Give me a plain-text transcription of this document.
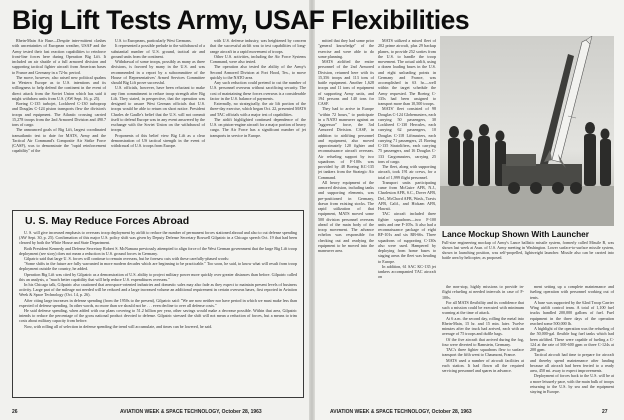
Big Lift Tests Army, USAF Flexibilities

Rhein-Main Air Base—Despite inter-mittent clashes with uncertainties of European weather, USAF and the Army tested their fast reaction capabilities to reinforce front-line forces here during Operation Big Lift. It included an air shuttle of a full armored division and supporting tactical fighter aircraft from American bases to France and Germany in a 72-hr. period.

The move, however, also raised new political qualms in Western Europe as to U.S. intentions and its willingness to help defend the continent in the event of direct attack from the Soviet Union which has said it might withdraw units from U.S. (AW Sept. 16, p. 25).

Boeing C-135 turbojet, Lockheed C-130 turboprop and Douglas C-124 piston transports flew the division's troops and equipment. The Atlantic crossing carried 15,278 troops from the 2nd Armored Division and 490.7 tons of cargo.

The announced goals of Big Lift, largest coordinated transatlantic test to date for MATS, Army and the Tactical Air Command's Composite Air Strike Force (CASF), was to demonstrate the "rapid reinforcement capability" of the

U.S. to Europeans, particularly West Germans.

It represented a possible prelude to the withdrawal of a substantial number of U.S. ground, tactical air and ground units from the continent.

Withdrawal of some troops, possibly as many as three divisions, is favored by many in the U.S. and was recommended in a report by a subcommittee of the House of Representatives' Armed Services Committee should Big Lift prove successful.

U.S. officials, however, have been reluctant to make any firm commitment to reduce troop strength after Big Lift. They stated, in perspective, that the operation was designed to assure West German officials that U.S. troops would be able to return on short notice. President Charles de Gaulle's belief that the U.S. will not commit itself to defend Europe was in any event answered by the exchange with the Soviet Union on the withdrawal of troops.

Proponents of this belief view Big Lift as a clear demonstration of US tactical strength in the event of withdrawal of U.S. troops from Europe.

with U.S. defense industry, was heightened by concern that the successful airlift was to test capabilities of long-range aircraft in a rapid movement of troops.

Other U.S. activities, including the Air Force Systems Command, were also tested.

The operation also tested the ability of the Army's Second Armored Division at Fort Hood, Tex., to move quickly to the NATO area.

Any such reduction could pretend to cut the number of U.S. personnel overseas without sacrificing security. The cost of maintaining these forces overseas is a considerable factor in the U.S. balance of payments.

Externally, no strategically, the air lift portion of the three-day exercise, which began Oct. 22, presented MATS and TAC officials with a major test of capabilities.

The airlift highlighted continued dependence of the U.S. on piston-engine aircraft for a major portion of heavy cargo. The Air Force has a significant number of jet transports in service in Europe.

U. S. May Reduce Forces Abroad

U. S. will give increased emphasis to overseas troop deployment by airlift to reduce the number of permanent forces stationed abroad and also to cut defense spending (AW Sept. 30, p. 25). Confirmation of this major U.S. policy shift was given by Deputy Defense Secretary Roswell Gilpatric in a Chicago speech Oct. 19 that had been cleared by both the White House and State Department.

Both President Kennedy and Defense Secretary Robert S. McNamara previously attempted to align force of the West German government that the large Big Lift troop deployment (see story) does not mean a reduction in U.S. ground forces in Germany.

Gilpatric said that large U. S. forces will continue to remain overseas, but he foresaw cuts with these carefully-phased words:

"Some shifts in the future are fully warranted in more modern decades which are beginning to be practicable." Too soon, he said, to know what will result from troop deployment outside the country, he added.

Operation Big Lift was cited by Gilpatric as a demonstration of U.S. ability to project military power more quickly over greater distances than before. Gilpatric called this an analysis, a "much better capability that will help reduce U.S. expenditures overseas."

In his Chicago talk, Gilpatric also cautioned that aerospace-oriented industries and domestic sales may also fade as they expect to maintain present levels of business activity. Large part of the mileage not needed will be reduced and a large increased volume an additional requirement in certain overseas bases, first reported in Aviation Week & Space Technology (Oct. 14, p. 26).

After citing large increases in defense spending (from the 1950s to the present), Gilpatric said: "We are now neither nor have period in which we must make less than expected of defense spending. In other words, no more than we should not be . . . even decline to over all defense costs."

He said defense spending, when added with our plans covering to 51.2 billion per year, other savings would make a decrease possible. Within that area, Gilpatric intends to reduce the percentage of the gross national product devoted to defense. Gilpatric stressed the shift will not mean a reduction of forces, but a means to trim costs about military capacity from before.

Now, with rolling all of selection in defense spending the trend will accumulate, and times can be lowered, he said.

mitted that they had some prior "general knowledge" of the exercise and were able to do some planning.

MATS airlifted the entire personnel of the 2nd Armored Division, returned here with its 15,356 troops and 113 tons of battle equipment. Another 1,628 troops and 11 tons of equipment of supporting Army units, and 194 persons and 140 tons for CASF.

They had to arrive in Europe "within 72 hours," to participate in a NATO maneuver against an "aggressor" force, the 3rd Armored Division. CASF, in addition to airlifting personnel and equipment, also moved approximately 120 fighter and reconnaissance aircraft overseas. Air refueling support by two squadrons of F-100s was provided by 48 Boeing KC-135 jet tankers from the Strategic Air Command.

All heavy equipment of the armored division, including tanks and supporting elements, was pre-positioned in Germany, drawn from existing stocks. The rapid utilization of that equipment, MATS moved some 500 division personnel overseas ahead of the main body of the troop movement. The advance echelon was responsible for checking out and readying the equipment to be moved into the maneuver area.

MATS utilized a mixed fleet of 202 prime aircraft, plus 29 backup planes, to provide 252 sorties from the U.S. to handle the troop movement. The actual airlift, using a dozen loading bases in the U.S. and eight unloading points in Germany and France, was accomplished in 63 hr.—well within the target schedule the Army requested. The Boeing C-135s had been assigned to transport more than 10,500 troops.

MATS' fleet consisted of 98 Douglas C-124 Globemasters, each carrying 50 passengers, 30 Lockheed C-130 Hercules, each carrying 62 passengers, 10 Douglas C-118 Liftmasters, each carrying 71 passengers, 21 Boeing C-135 Stratolifters, each carrying 75 passengers, and 16 Douglas C-133 Cargomasters, carrying 25 tons of cargo.

The fleet, along with supporting aircraft, took 191 air crews, for a total of 1,999 flight personnel.

Transport units participating came from McGuire AFB, N.J., Charleston AFB, S.C., Dover AFB, Del., McChord AFB, Wash., Travis AFB, Calif., and Hickam AFB, Hawaii.

TAC aircraft included three fighter squadrons—two F-100 units and one F-105s. It also had a reconnaissance package of eight RF-101s and six RB-66s. Three squadrons of supporting C-130s also were used. Hampered by deploying from home bases to staging areas the fleet was heading to Europe.

In addition, 61 SAC KC-135 jet tankers accompanied TAC aircraft on

the non-stop, highly missions to provide in-flight refueling at needed intervals in case of F-100s.

For all MATS flexibility and its confidence that such a mission could be executed with minimum warning at the time of attack.

At 6 a.m. the second day, rolling the metal into Rhein-Main, 15 hr. and 15 min. later. Twelve minutes after the truck had arrived, each with an average of 75 troops and duffle bags.

Of the five aircraft that arrived during the fog, four were diverted to Ramstein, Germany.

TAC's three fighter squadrons flew to surface transport the fifth went to Chaumont, France.

MATS used a number of aircraft facilities at each station. It had flown all the required servicing personnel and spares in advance.

ment setting up a complete maintenance and fueling operation with personnel working out of tents.

A base was supported by the 62nd Troop Carrier Wing airlift control team. A total of 1,100 fuel trucks handled 200,000 gallons of fuel. Fuel equipment in the three days of the operation reached some 500,000 lb.

A highlight of the operation was the refueling of the 50,000-gal. flexible bag fuel tanks which had been airlifted. These were capable of fueling a C-124 at the rate of 500-600 gpm or three C-124s at 200 gpm.

Tactical aircraft had time to prepare for aircraft and thereby spend maintenance after landing because all aircraft had been ferried to a ready area, 450 mi. away to expect improvements.

Deployment of forces back to the U.S. will be at a more leisurely pace, with the main bulk of troops returning to the U.S. by sea and the equipment staying in Europe.

Lance Mockup Shown With Launcher
Full-size engineering mockup of Army's Lance ballistic missile system, formerly called Missile B, was shown last week at Assn. of U.S. Army meeting in Washington. Lower surface-to-surface missile system, shown in launching position, was self-propelled, lightweight launcher. Missile also can be carried into battle area by helicopter, as proposed.
26	AVIATION WEEK & SPACE TECHNOLOGY, October 28, 1963	AVIATION WEEK & SPACE TECHNOLOGY, October 28, 1963	27
